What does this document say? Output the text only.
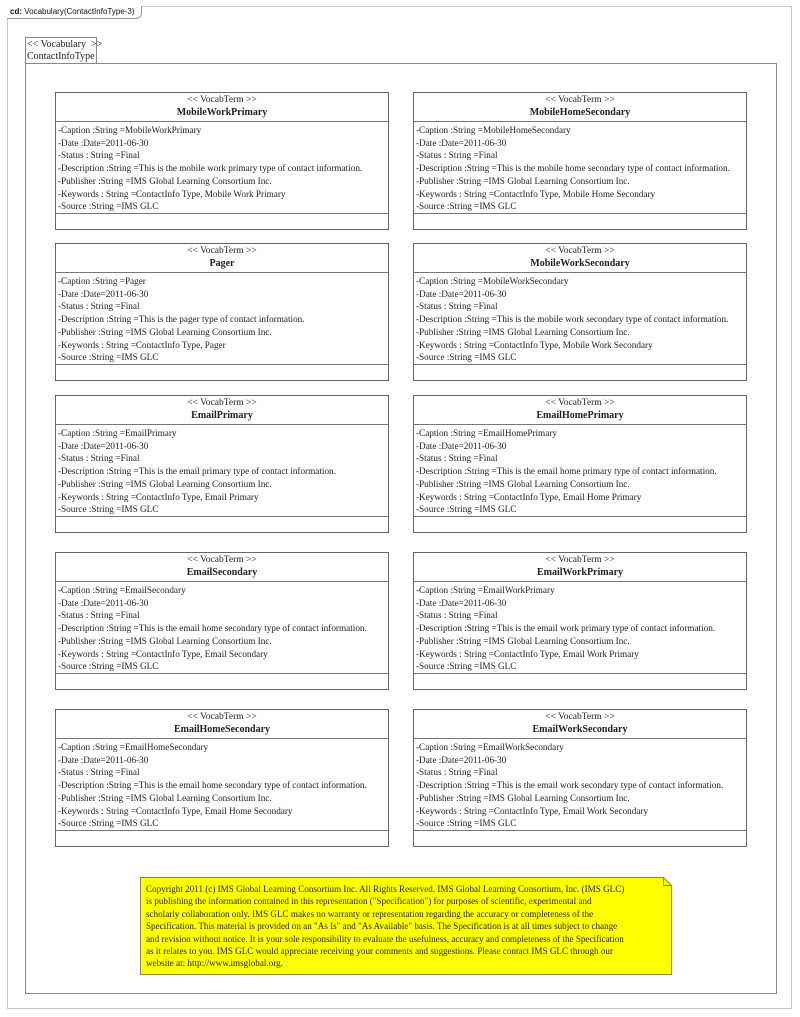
cd: Vocabulary(ContactInfoType-3)
<< Vocabulary  >>
ContactInfoType
<< VocabTerm >>
MobileWorkPrimary
-Caption :String =MobileWorkPrimary
-Date :Date=2011-06-30
-Status : String =Final
-Description :String =This is the mobile work primary type of contact information.
-Publisher :String =IMS Global Learning Consortium Inc.
-Keywords : String =ContactInfo Type, Mobile Work Primary
-Source :String =IMS GLC
<< VocabTerm >>
MobileHomeSecondary
-Caption :String =MobileHomeSecondary
-Date :Date=2011-06-30
-Status : String =Final
-Description :String =This is the mobile home secondary type of contact information.
-Publisher :String =IMS Global Learning Consortium Inc.
-Keywords : String =ContactInfo Type, Mobile Home Secondary
-Source :String =IMS GLC
<< VocabTerm >>
Pager
-Caption :String =Pager
-Date :Date=2011-06-30
-Status : String =Final
-Description :String =This is the pager type of contact information.
-Publisher :String =IMS Global Learning Consortium Inc.
-Keywords : String =ContactInfo Type, Pager
-Source :String =IMS GLC
<< VocabTerm >>
MobileWorkSecondary
-Caption :String =MobileWorkSecondary
-Date :Date=2011-06-30
-Status : String =Final
-Description :String =This is the mobile work secondary type of contact information.
-Publisher :String =IMS Global Learning Consortium Inc.
-Keywords : String =ContactInfo Type, Mobile Work Secondary
-Source :String =IMS GLC
<< VocabTerm >>
EmailPrimary
-Caption :String =EmailPrimary
-Date :Date=2011-06-30
-Status : String =Final
-Description :String =This is the email primary type of contact information.
-Publisher :String =IMS Global Learning Consortium Inc.
-Keywords : String =ContactInfo Type, Email Primary
-Source :String =IMS GLC
<< VocabTerm >>
EmailHomePrimary
-Caption :String =EmailHomePrimary
-Date :Date=2011-06-30
-Status : String =Final
-Description :String =This is the email home primary type of contact information.
-Publisher :String =IMS Global Learning Consortium Inc.
-Keywords : String =ContactInfo Type, Email Home Primary
-Source :String =IMS GLC
<< VocabTerm >>
EmailSecondary
-Caption :String =EmailSecondary
-Date :Date=2011-06-30
-Status : String =Final
-Description :String =This is the email home secondary type of contact information.
-Publisher :String =IMS Global Learning Consortium Inc.
-Keywords : String =ContactInfo Type, Email Secondary
-Source :String =IMS GLC
<< VocabTerm >>
EmailWorkPrimary
-Caption :String =EmailWorkPrimary
-Date :Date=2011-06-30
-Status : String =Final
-Description :String =This is the email work primary type of contact information.
-Publisher :String =IMS Global Learning Consortium Inc.
-Keywords : String =ContactInfo Type, Email Work Primary
-Source :String =IMS GLC
<< VocabTerm >>
EmailHomeSecondary
-Caption :String =EmailHomeSecondary
-Date :Date=2011-06-30
-Status : String =Final
-Description :String =This is the email home secondary type of contact information.
-Publisher :String =IMS Global Learning Consortium Inc.
-Keywords : String =ContactInfo Type, Email Home Secondary
-Source :String =IMS GLC
<< VocabTerm >>
EmailWorkSecondary
-Caption :String =EmailWorkSecondary
-Date :Date=2011-06-30
-Status : String =Final
-Description :String =This is the email work secondary type of contact information.
-Publisher :String =IMS Global Learning Consortium Inc.
-Keywords : String =ContactInfo Type, Email Work Secondary
-Source :String =IMS GLC
Copyright 2011 (c) IMS Global Learning Consortium Inc. All Rights Reserved. IMS Global Learning Consortium, Inc. (IMS GLC)
is publishing the information contained in this representation ("Specification") for purposes of scientific, experimental and
scholarly collaboration only. IMS GLC makes no warranty or representation regarding the accuracy or completeness of the
Specification. This material is provided on an "As Is" and "As Available" basis. The Specification is at all times subject to change
and revision without notice. It is your sole responsibility to evaluate the usefulness, accuracy and completeness of the Specification
as it relates to you. IMS GLC would appreciate receiving your comments and suggestions. Please contact IMS GLC through our
website at: http://www.imsglobal.org.
